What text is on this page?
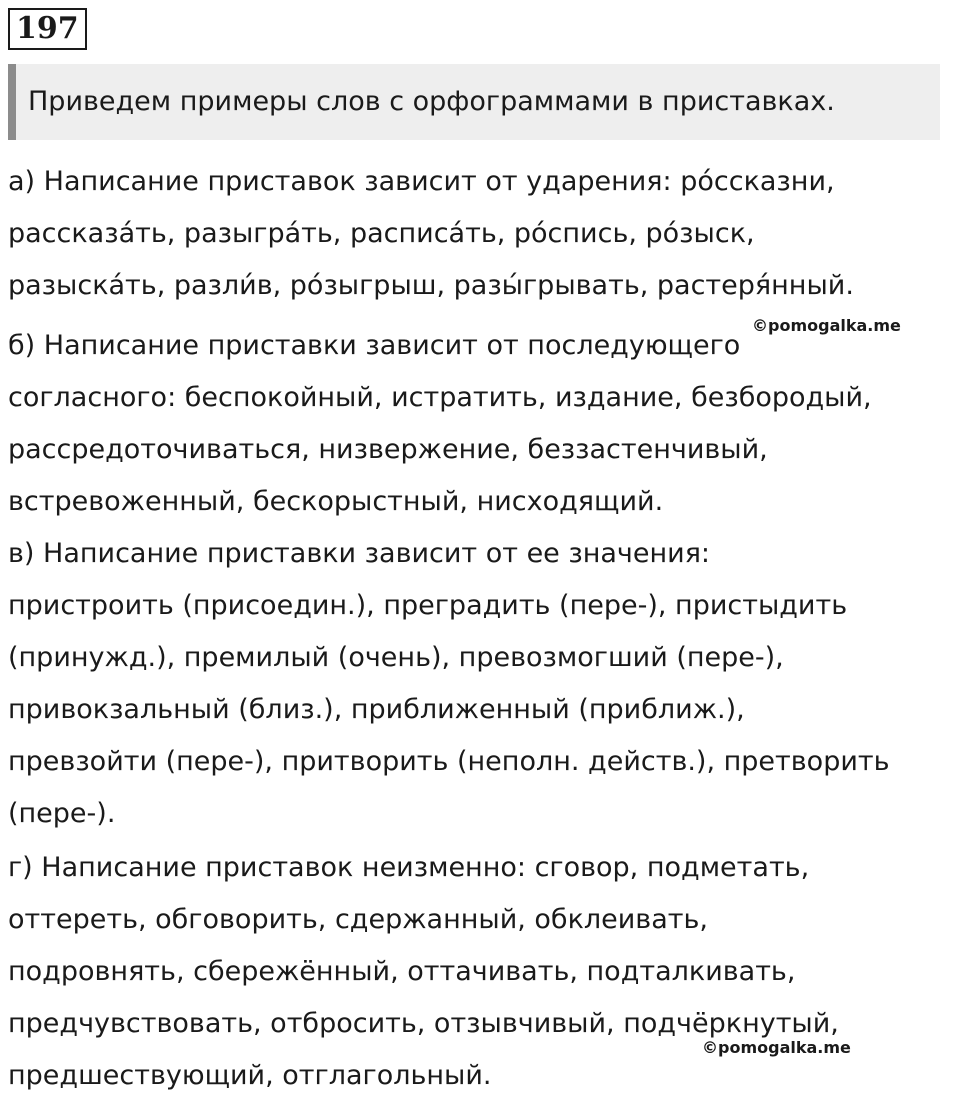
197
Приведем примеры слов с орфограммами в приставках.
а) Написание приставок зависит от ударения: ро́ссказни,
рассказа́ть, разыгра́ть, расписа́ть, ро́спись, ро́зыск,
разыска́ть, разли́в, ро́зыгрыш, разы́грывать, растеря́нный.
©pomogalka.me
б) Написание приставки зависит от последующего
согласного: беспокойный, истратить, издание, безбородый,
рассредоточиваться, низвержение, беззастенчивый,
встревоженный, бескорыстный, нисходящий.
в) Написание приставки зависит от ее значения:
пристроить (присоедин.), преградить (пере-), пристыдить
(принужд.), премилый (очень), превозмогший (пере-),
привокзальный (близ.), приближенный (приближ.),
превзойти (пере-), притворить (неполн. действ.), претворить
(пере-).
г) Написание приставок неизменно: сговор, подметать,
оттереть, обговорить, сдержанный, обклеивать,
подровнять, сбережённый, оттачивать, подталкивать,
предчувствовать, отбросить, отзывчивый, подчёркнутый,
предшествующий, отглагольный.
©pomogalka.me
